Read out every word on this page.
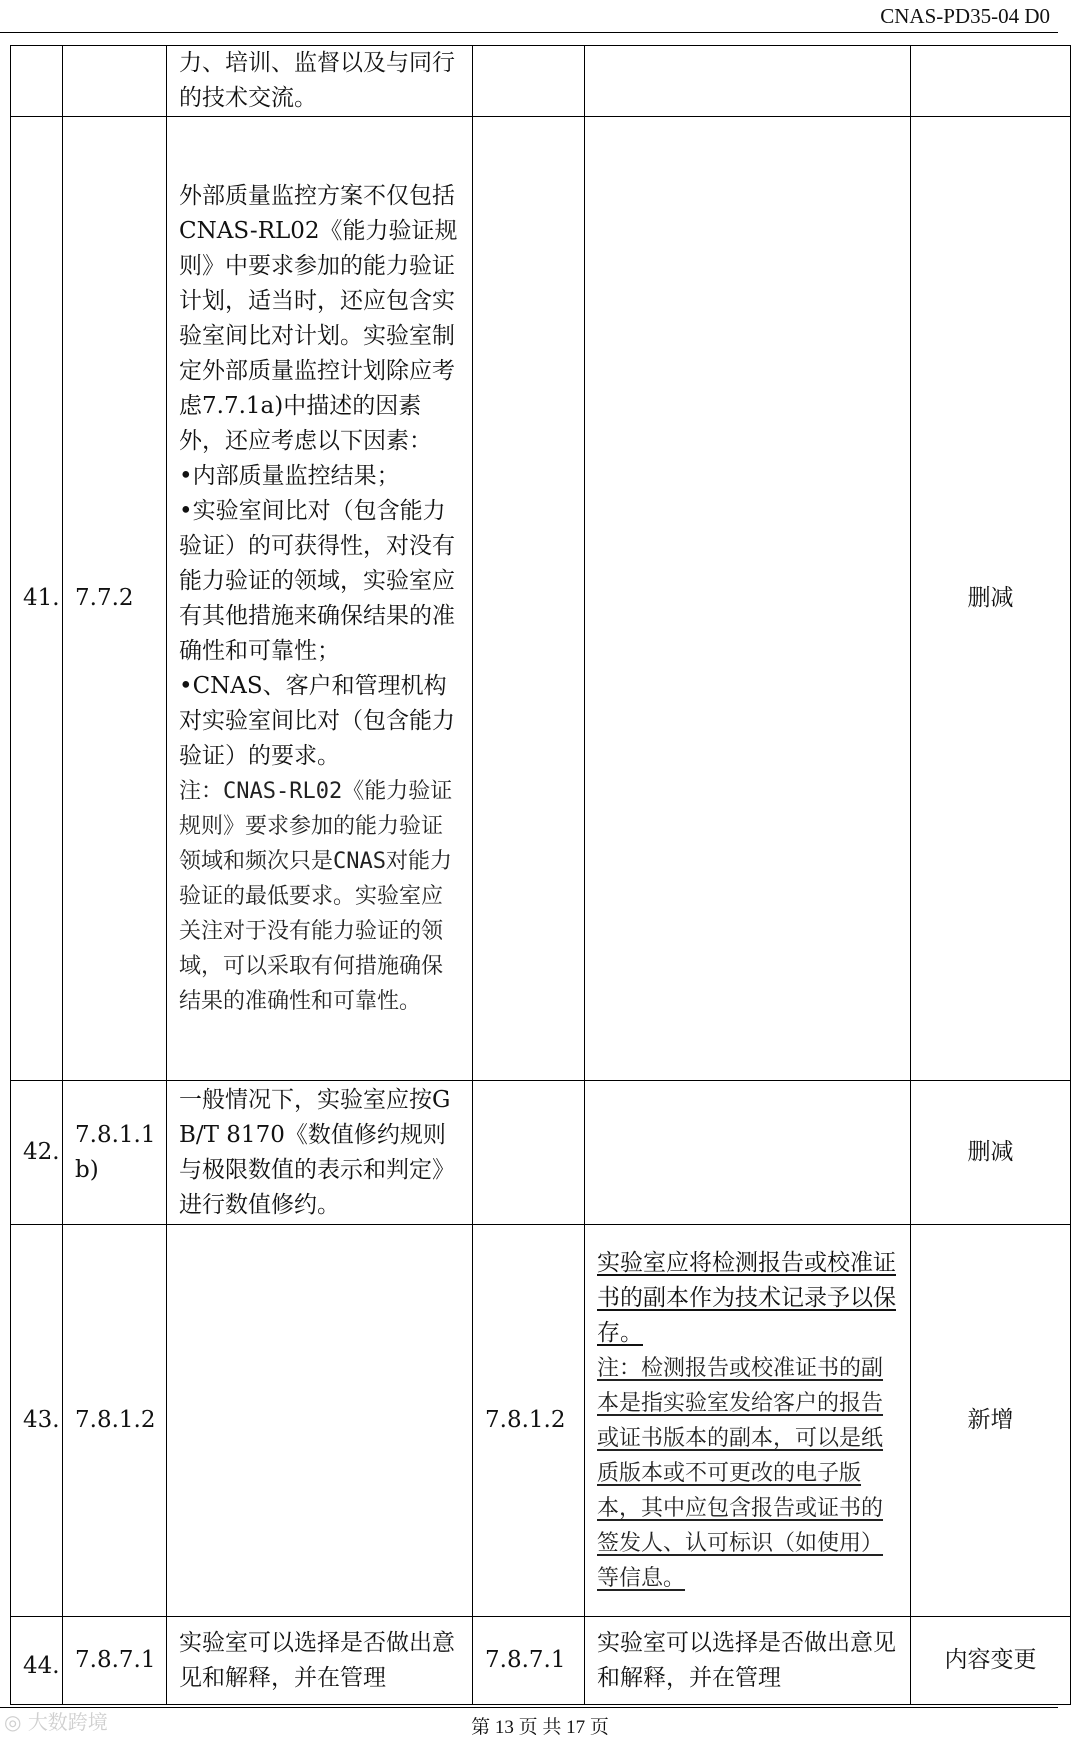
CNAS-PD35-04 D0
		力、培训、监督以及与同行的技术交流。			
41.	7.7.2	外部质量监控方案不仅包括CNAS-RL02《能力验证规则》中要求参加的能力验证计划，适当时，还应包含实验室间比对计划。实验室制定外部质量监控计划除应考虑7.7.1a)中描述的因素外，还应考虑以下因素：
•内部质量监控结果；
•实验室间比对（包含能力验证）的可获得性，对没有能力验证的领域，实验室应有其他措施来确保结果的准确性和可靠性；
•CNAS、客户和管理机构对实验室间比对（包含能力验证）的要求。
注：CNAS-RL02《能力验证规则》要求参加的能力验证领域和频次只是CNAS对能力验证的最低要求。实验室应关注对于没有能力验证的领域，可以采取有何措施确保结果的准确性和可靠性。			删减
42.	7.8.1.1 b)	一般情况下，实验室应按GB/T 8170《数值修约规则与极限数值的表示和判定》进行数值修约。			删减
43.	7.8.1.2		7.8.1.2	实验室应将检测报告或校准证书的副本作为技术记录予以保存。
注：检测报告或校准证书的副本是指实验室发给客户的报告或证书版本的副本，可以是纸质版本或不可更改的电子版本，其中应包含报告或证书的签发人、认可标识（如使用）等信息。	新增
44.	7.8.7.1	实验室可以选择是否做出意见和解释，并在管理	7.8.7.1	实验室可以选择是否做出意见和解释，并在管理	内容变更
◎ 大数跨境	第 13 页 共 17 页
